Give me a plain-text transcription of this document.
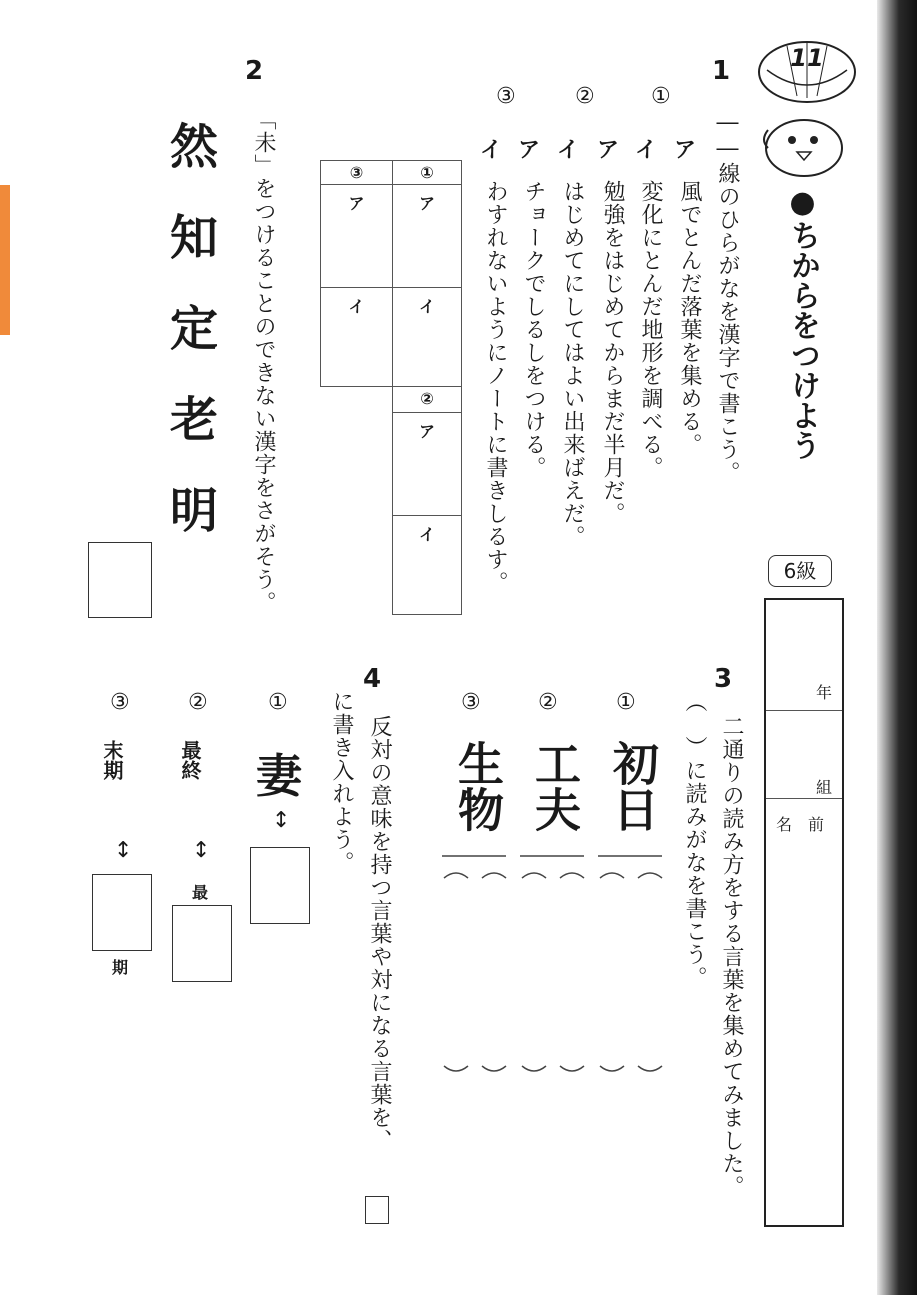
11
●ちからをつけよう
6級
年
組
名　前
1
――線のひらがなを漢字で書こう。
①
ア
イ
風でとんだ落葉を集める。
変化にとんだ地形を調べる。
②
ア
イ
勉強をはじめてからまだ半月だ。
はじめてにしてはよい出来ばえだ。
③
ア
イ
チョークでしるしをつける。
わすれないようにノートに書きしるす。
①
ア
イ
③
ア
イ
②
ア
イ
2
「未」をつけることのできない漢字をさがそう。
然
知
定
老
明
3
二通りの読み方をする言葉を集めてみました。
（　）に読みがなを書こう。
①
初日
②
工夫
③
生物
4
反対の意味を持つ言葉や対になる言葉を、
に書き入れよう。
①
妻
↕
②
最終
↕
最
③
末期
↕
期
